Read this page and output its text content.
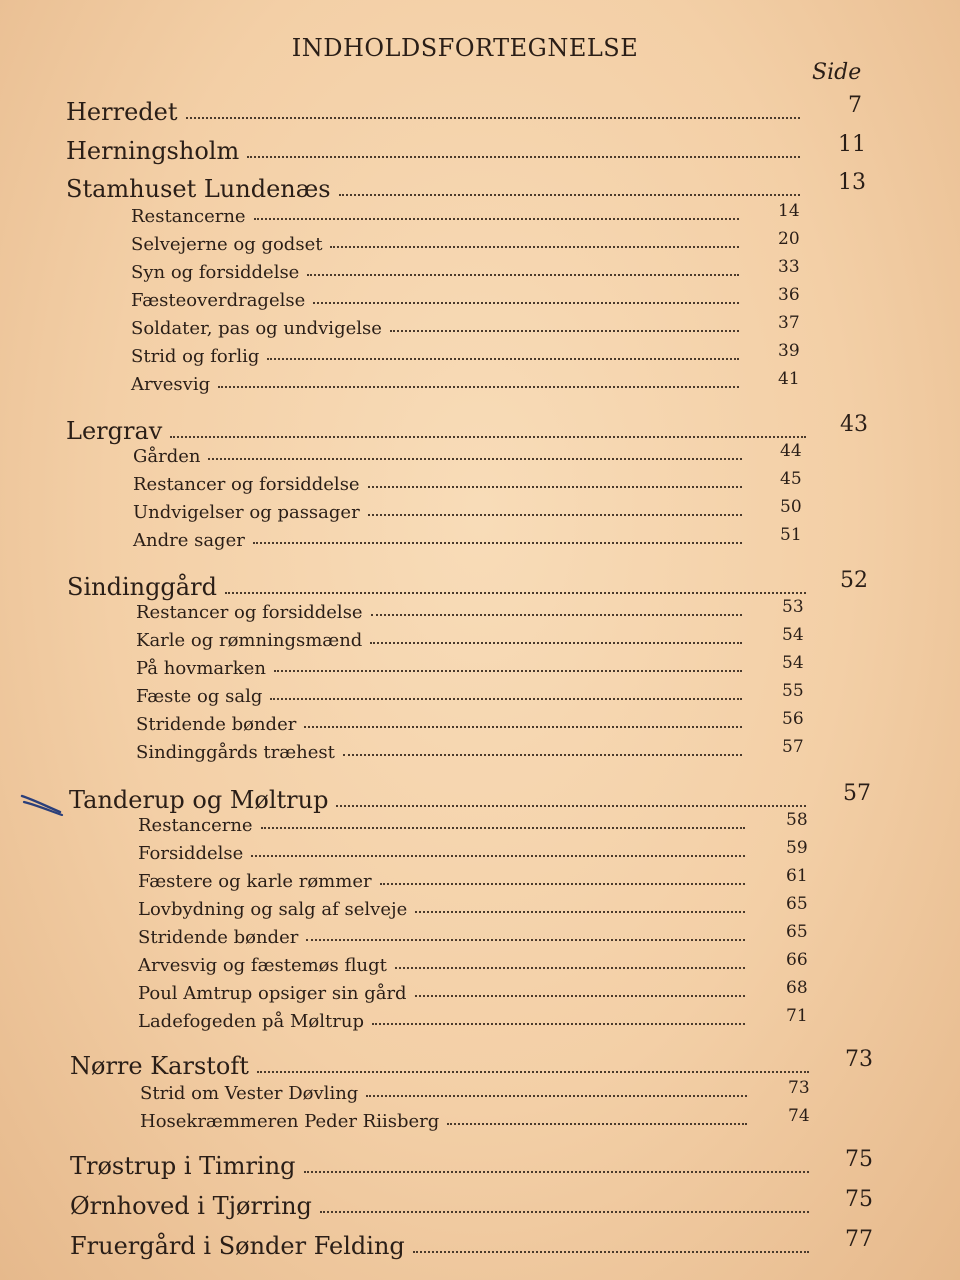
INDHOLDSFORTEGNELSE
Side
Herredet	7
Herningsholm	11
Stamhuset Lundenæs	13
Restancerne	14
Selvejerne og godset	20
Syn og forsiddelse	33
Fæsteoverdragelse	36
Soldater, pas og undvigelse	37
Strid og forlig	39
Arvesvig	41
Lergrav	43
Gården	44
Restancer og forsiddelse	45
Undvigelser og passager	50
Andre sager	51
Sindinggård	52
Restancer og forsiddelse	53
Karle og rømningsmænd	54
På hovmarken	54
Fæste og salg	55
Stridende bønder	56
Sindinggårds træhest	57
Tanderup og Møltrup	57
Restancerne	58
Forsiddelse	59
Fæstere og karle rømmer	61
Lovbydning og salg af selveje	65
Stridende bønder	65
Arvesvig og fæstemøs flugt	66
Poul Amtrup opsiger sin gård	68
Ladefogeden på Møltrup	71
Nørre Karstoft	73
Strid om Vester Døvling	73
Hosekræmmeren Peder Riisberg	74
Trøstrup i Timring	75
Ørnhoved i Tjørring	75
Fruergård i Sønder Felding	77
